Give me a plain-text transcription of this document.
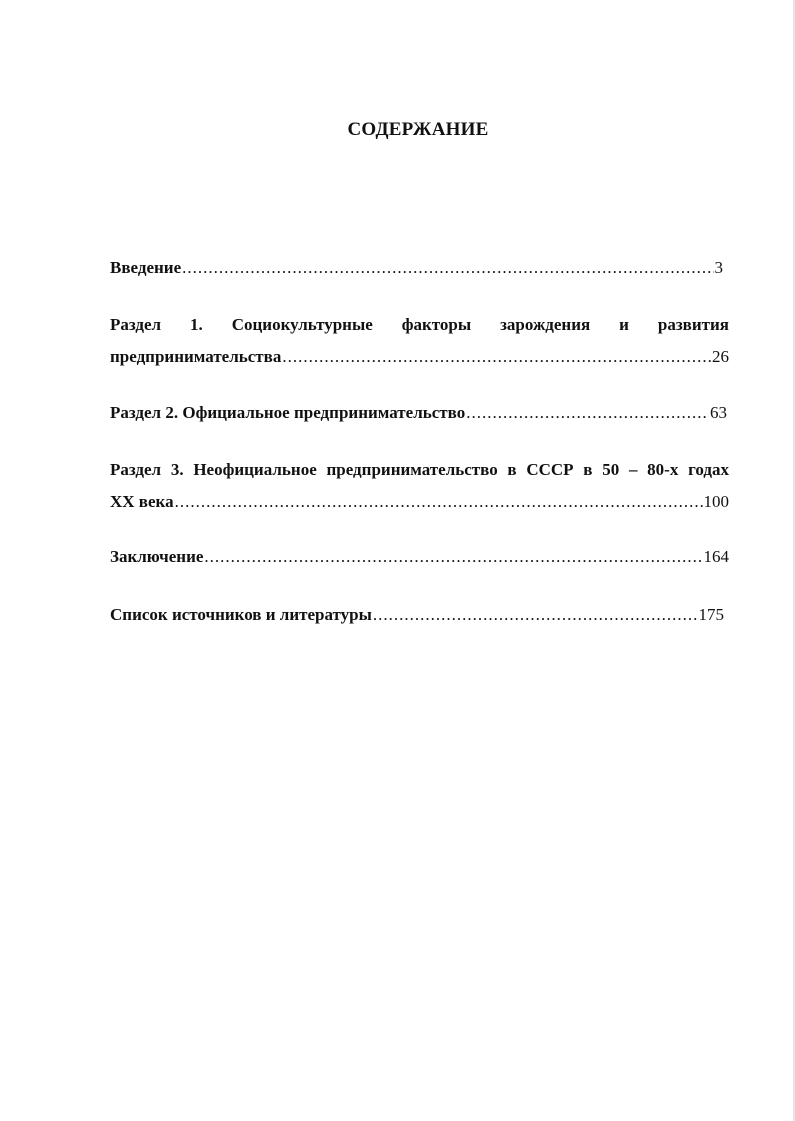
СОДЕРЖАНИЕ
Введение .....	3
Раздел 1. Социокультурные факторы зарождения и развития
предпринимательства .....	26
Раздел 2. Официальное предпринимательство .....	63
Раздел 3. Неофициальное предпринимательство в СССР в 50 – 80-х годах
XX века .....	100
Заключение .....	164
Список источников и литературы .....	175
